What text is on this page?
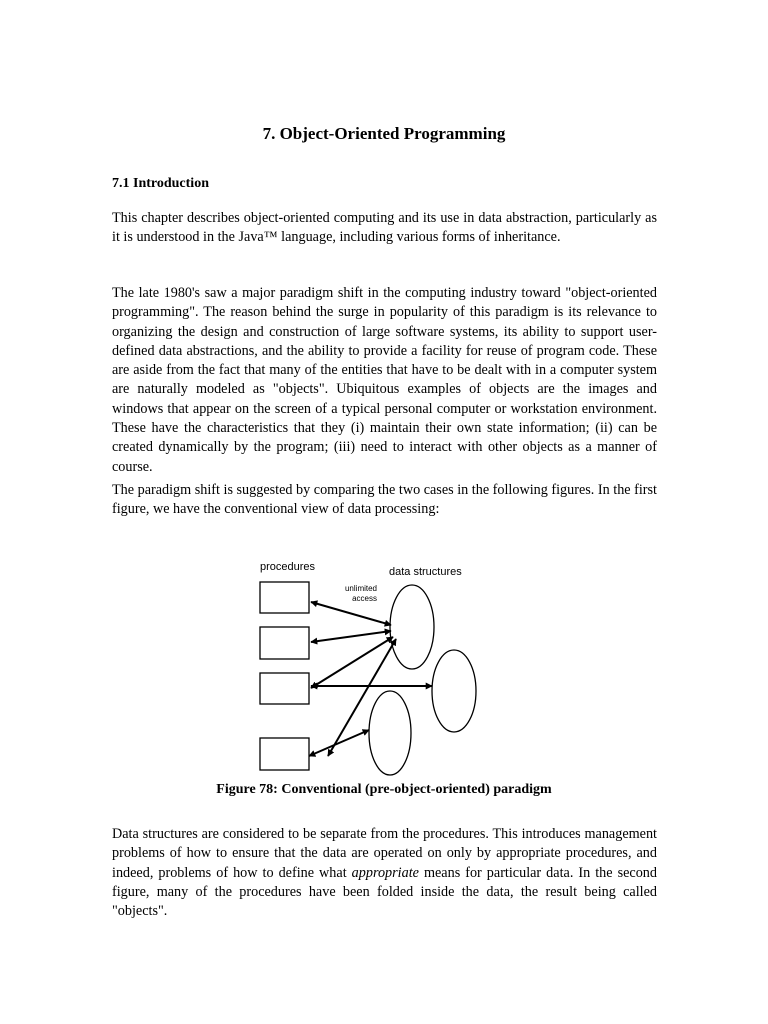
7. Object-Oriented Programming
7.1 Introduction

This chapter describes object-oriented computing and its use in data abstraction, particularly as it is understood in the Java™ language, including various forms of inheritance.

The late 1980's saw a major paradigm shift in the computing industry toward "object-oriented programming". The reason behind the surge in popularity of this paradigm is its relevance to organizing the design and construction of large software systems, its ability to support user-defined data abstractions, and the ability to provide a facility for reuse of program code. These are aside from the fact that many of the entities that have to be dealt with in a computer system are naturally modeled as "objects". Ubiquitous examples of objects are the images and windows that appear on the screen of a typical personal computer or workstation environment. These have the characteristics that they (i) maintain their own state information; (ii) can be created dynamically by the program; (iii) need to interact with other objects as a manner of course.

The paradigm shift is suggested by comparing the two cases in the following figures. In the first figure, we have the conventional view of data processing:

procedures	data structures
unlimited
access

Figure 78: Conventional (pre-object-oriented) paradigm

Data structures are considered to be separate from the procedures. This introduces management problems of how to ensure that the data are operated on only by appropriate procedures, and indeed, problems of how to define what appropriate means for particular data. In the second figure, many of the procedures have been folded inside the data, the result being called "objects".
